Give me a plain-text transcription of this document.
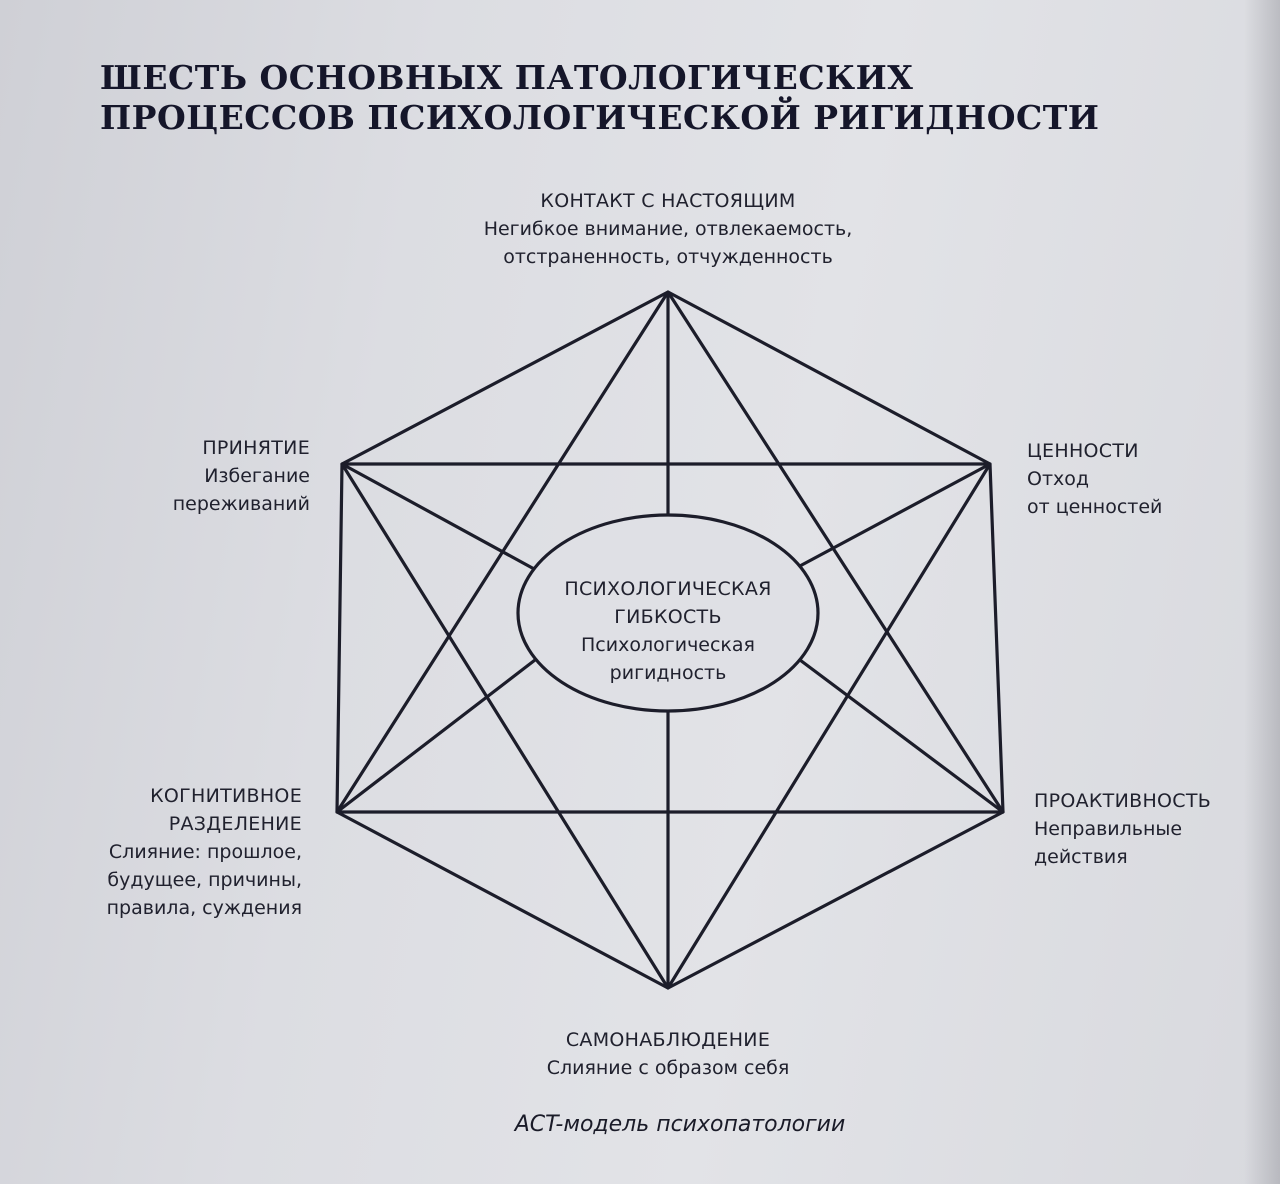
ШЕСТЬ ОСНОВНЫХ ПАТОЛОГИЧЕСКИХ
ПРОЦЕССОВ ПСИХОЛОГИЧЕСКОЙ РИГИДНОСТИ
КОНТАКТ С НАСТОЯЩИМ
Негибкое внимание, отвлекаемость,
отстраненность, отчужденность
ПРИНЯТИЕ
Избегание
переживаний
ЦЕННОСТИ
Отход
от ценностей
КОГНИТИВНОЕ
РАЗДЕЛЕНИЕ
Слияние: прошлое,
будущее, причины,
правила, суждения
ПРОАКТИВНОСТЬ
Неправильные
действия
САМОНАБЛЮДЕНИЕ
Слияние с образом себя
ПСИХОЛОГИЧЕСКАЯ
ГИБКОСТЬ
Психологическая
ригидность
ACT-модель психопатологии
